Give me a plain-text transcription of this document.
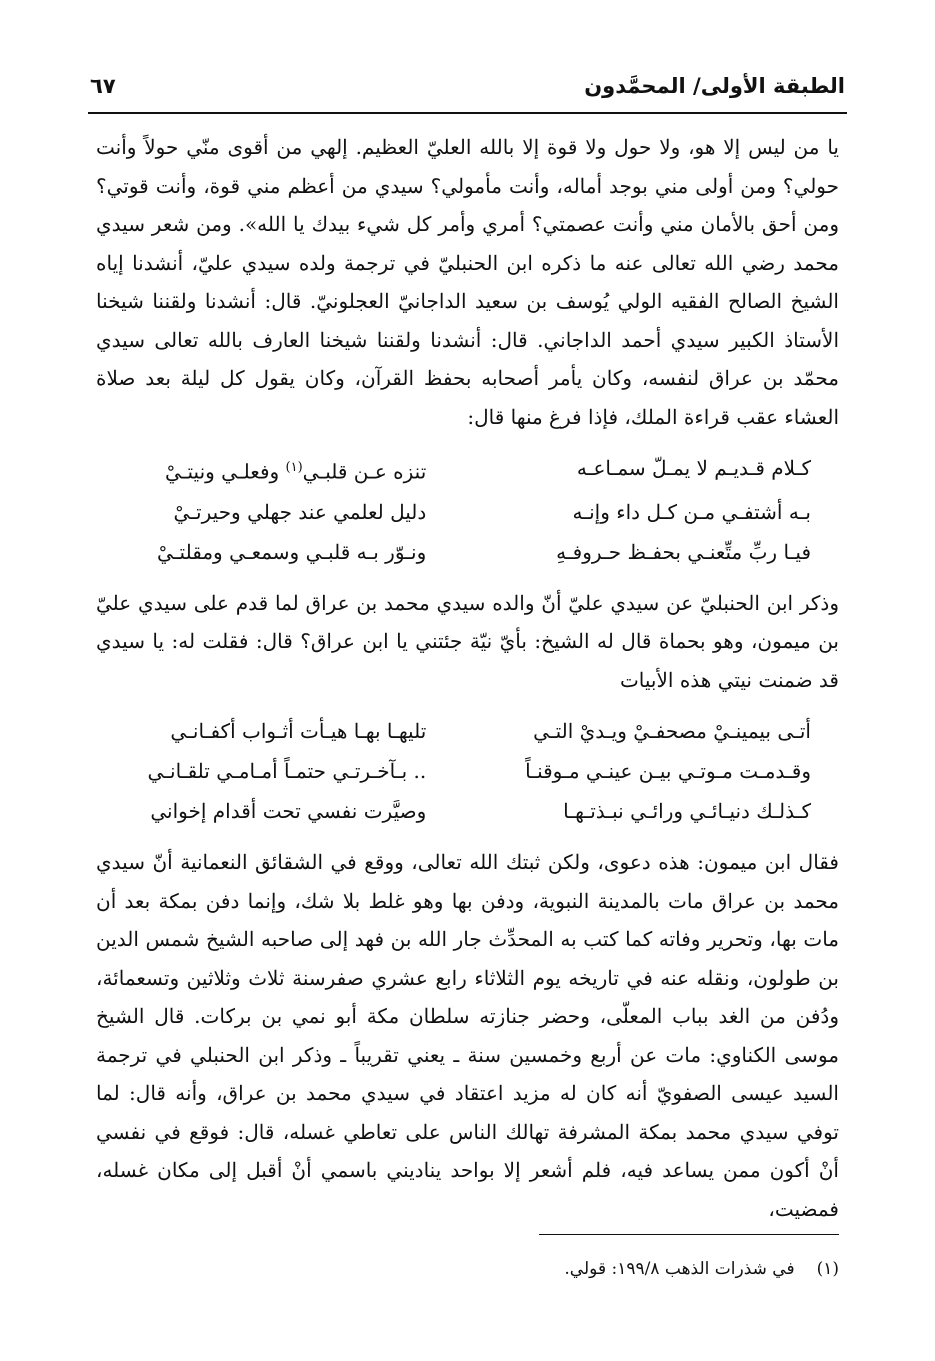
الطبقة الأولى/ المحمَّدون
٦٧

يا من ليس إلا هو، ولا حول ولا قوة إلا بالله العليّ العظيم. إلهي من أقوى منّي حولاً وأنت حولي؟ ومن أولى مني بوجد أماله، وأنت مأمولي؟ سيدي من أعظم مني قوة، وأنت قوتي؟ ومن أحق بالأمان مني وأنت عصمتي؟ أمري وأمر كل شيء بيدك يا الله». ومن شعر سيدي محمد رضي الله تعالى عنه ما ذكره ابن الحنبليّ في ترجمة ولده سيدي عليّ، أنشدنا إياه الشيخ الصالح الفقيه الولي يُوسف بن سعيد الداجانيّ العجلونيّ. قال: أنشدنا ولقننا شيخنا الأستاذ الكبير سيدي أحمد الداجاني. قال: أنشدنا ولقننا شيخنا العارف بالله تعالى سيدي محمّد بن عراق لنفسه، وكان يأمر أصحابه بحفظ القرآن، وكان يقول كل ليلة بعد صلاة العشاء عقب قراءة الملك، فإذا فرغ منها قال:

كـلام قـديـم لا يمـلّ سمـاعـه
تنزه عـن قلبـي$^{(١)}$ وفعلـي ونيتـيْ
بـه أشتفـي مـن كـل داء وإنـه
دليل لعلمي عند جهلي وحيرتـيْ
فيـا ربِّ متِّعنـي بحفـظ حـروفـهِ
ونـوّر بـه قلبـي وسمعـي ومقلتـيْ

وذكر ابن الحنبليّ عن سيدي عليّ أنّ والده سيدي محمد بن عراق لما قدم على سيدي عليّ بن ميمون، وهو بحماة قال له الشيخ: بأيّ نيّة جئتني يا ابن عراق؟ قال: فقلت له: يا سيدي قد ضمنت نيتي هذه الأبيات

أتـى بيمينـيْ مصحفـيْ ويـديْ التـي
تليهـا بهـا هيـأت أثـواب أكفـانـي
وقـدمـت مـوتـي بيـن عينـي مـوقنـاً
.. بـآخـرتـي حتمـاً أمـامـي تلقـانـي
كـذلـك دنيـائـي ورائـي نبـذتـهـا
وصيَّرت نفسي تحت أقدام إخواني

فقال ابن ميمون: هذه دعوى، ولكن ثبتك الله تعالى، ووقع في الشقائق النعمانية أنّ سيدي محمد بن عراق مات بالمدينة النبوية، ودفن بها وهو غلط بلا شك، وإنما دفن بمكة بعد أن مات بها، وتحرير وفاته كما كتب به المحدِّث جار الله بن فهد إلى صاحبه الشيخ شمس الدين بن طولون، ونقله عنه في تاريخه يوم الثلاثاء رابع عشري صفرسنة ثلاث وثلاثين وتسعمائة، ودُفن من الغد بباب المعلّى، وحضر جنازته سلطان مكة أبو نمي بن بركات. قال الشيخ موسى الكناوي: مات عن أربع وخمسين سنة ـ يعني تقريباً ـ وذكر ابن الحنبلي في ترجمة السيد عيسى الصفويّ أنه كان له مزيد اعتقاد في سيدي محمد بن عراق، وأنه قال: لما توفي سيدي محمد بمكة المشرفة تهالك الناس على تعاطي غسله، قال: فوقع في نفسي أنْ أكون ممن يساعد فيه، فلم أشعر إلا بواحد يناديني باسمي أنْ أقبل إلى مكان غسله، فمضيت،

(١)في شذرات الذهب ١٩٩/٨: قولي.
